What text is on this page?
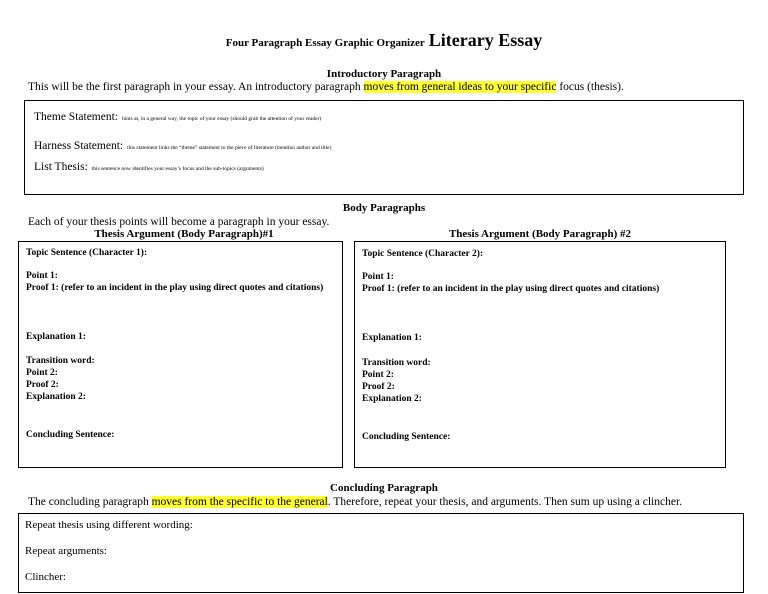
Four Paragraph Essay Graphic Organizer Literary Essay
Introductory Paragraph
This will be the first paragraph in your essay. An introductory paragraph moves from general ideas to your specific focus (thesis).
Theme Statement: hints at, in a general way, the topic of your essay (should grab the attention of your reader)
Harness Statement: this statement links the “theme” statement to the piece of literature (mention author and title)
List Thesis: this sentence now identifies your essay’s focus and the sub-topics (arguments)
Body Paragraphs
Each of your thesis points will become a paragraph in your essay.
Thesis Argument (Body Paragraph)#1	Thesis Argument (Body Paragraph) #2
Topic Sentence (Character 1):
Point 1:
Proof 1: (refer to an incident in the play using direct quotes and citations)
Explanation 1:
Transition word:
Point 2:
Proof 2:
Explanation 2:
Concluding Sentence:
Topic Sentence (Character 2):
Point 1:
Proof 1: (refer to an incident in the play using direct quotes and citations)
Explanation 1:
Transition word:
Point 2:
Proof 2:
Explanation 2:
Concluding Sentence:
Concluding Paragraph
The concluding paragraph moves from the specific to the general. Therefore, repeat your thesis, and arguments. Then sum up using a clincher.
Repeat thesis using different wording:
Repeat arguments:
Clincher:
